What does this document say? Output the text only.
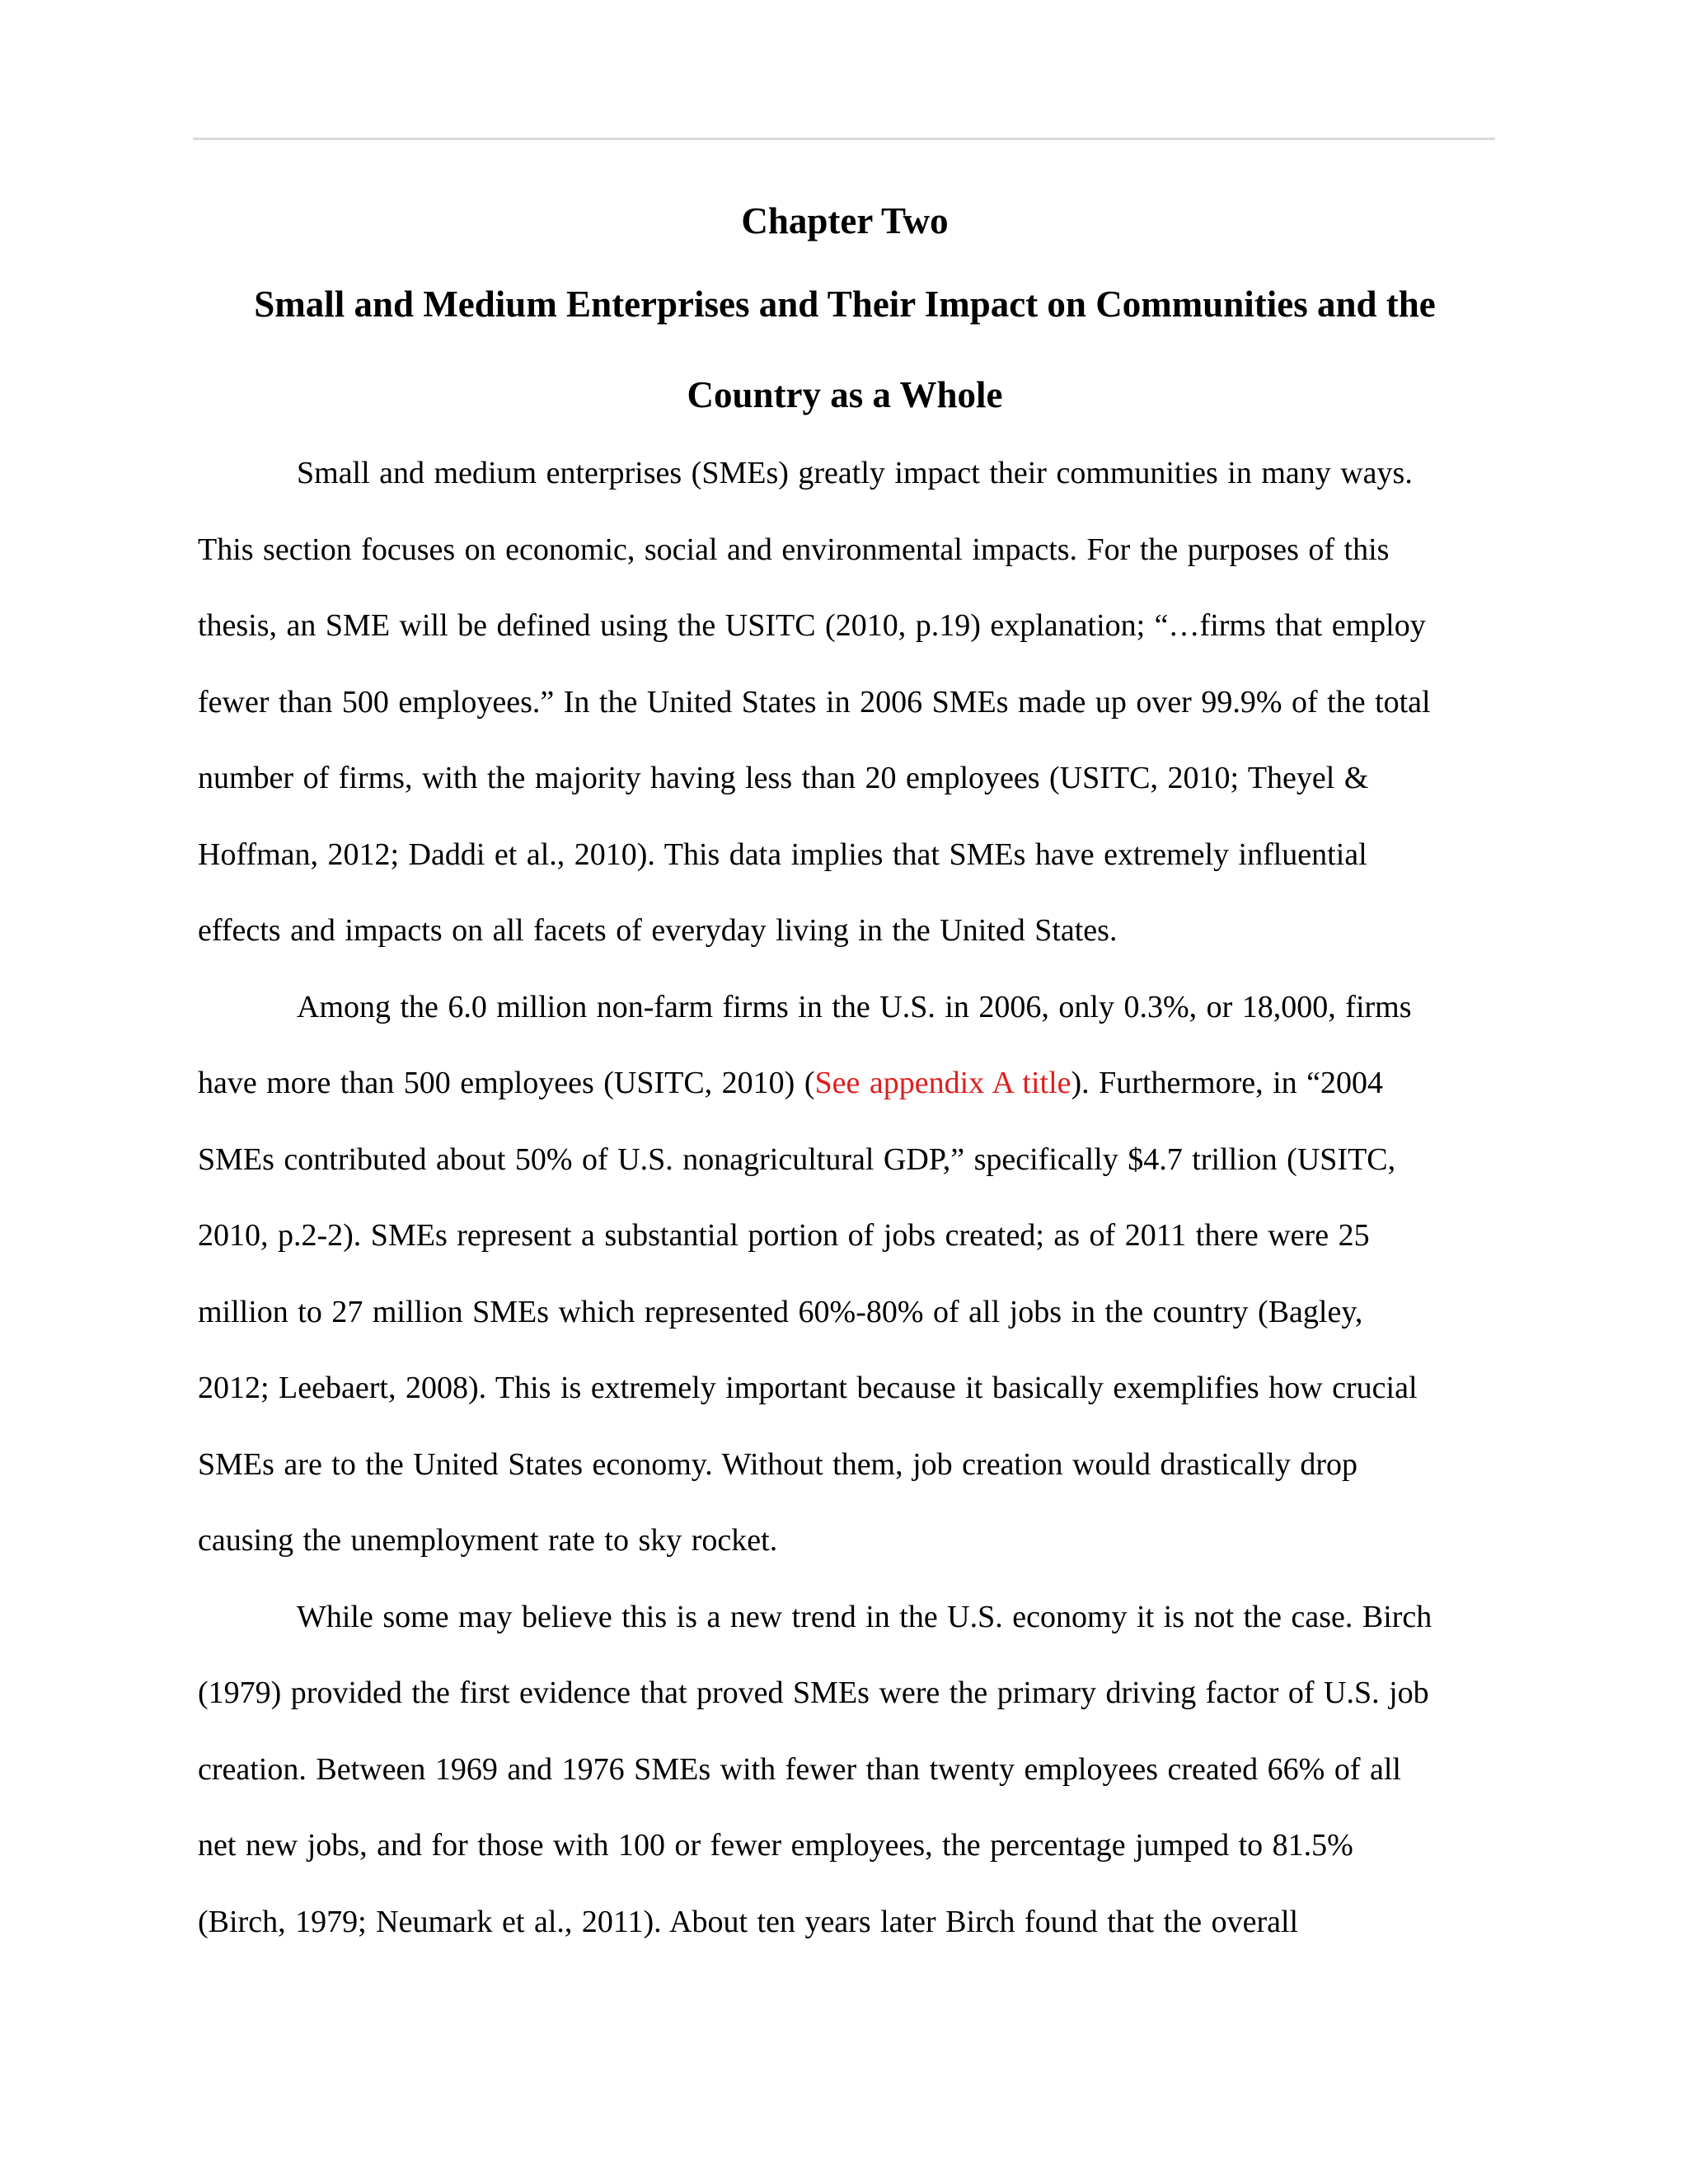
Chapter Two
Small and Medium Enterprises and Their Impact on Communities and the
Country as a Whole

Small and medium enterprises (SMEs) greatly impact their communities in many ways.
This section focuses on economic, social and environmental impacts. For the purposes of this
thesis, an SME will be defined using the USITC (2010, p.19) explanation; “…firms that employ
fewer than 500 employees.” In the United States in 2006 SMEs made up over 99.9% of the total
number of firms, with the majority having less than 20 employees (USITC, 2010; Theyel &
Hoffman, 2012; Daddi et al., 2010). This data implies that SMEs have extremely influential
effects and impacts on all facets of everyday living in the United States.

Among the 6.0 million non-farm firms in the U.S. in 2006, only 0.3%, or 18,000, firms
have more than 500 employees (USITC, 2010) (See appendix A title). Furthermore, in “2004
SMEs contributed about 50% of U.S. nonagricultural GDP,” specifically $4.7 trillion (USITC,
2010, p.2-2). SMEs represent a substantial portion of jobs created; as of 2011 there were 25
million to 27 million SMEs which represented 60%-80% of all jobs in the country (Bagley,
2012; Leebaert, 2008). This is extremely important because it basically exemplifies how crucial
SMEs are to the United States economy. Without them, job creation would drastically drop
causing the unemployment rate to sky rocket.

While some may believe this is a new trend in the U.S. economy it is not the case. Birch
(1979) provided the first evidence that proved SMEs were the primary driving factor of U.S. job
creation. Between 1969 and 1976 SMEs with fewer than twenty employees created 66% of all
net new jobs, and for those with 100 or fewer employees, the percentage jumped to 81.5%
(Birch, 1979; Neumark et al., 2011). About ten years later Birch found that the overall
